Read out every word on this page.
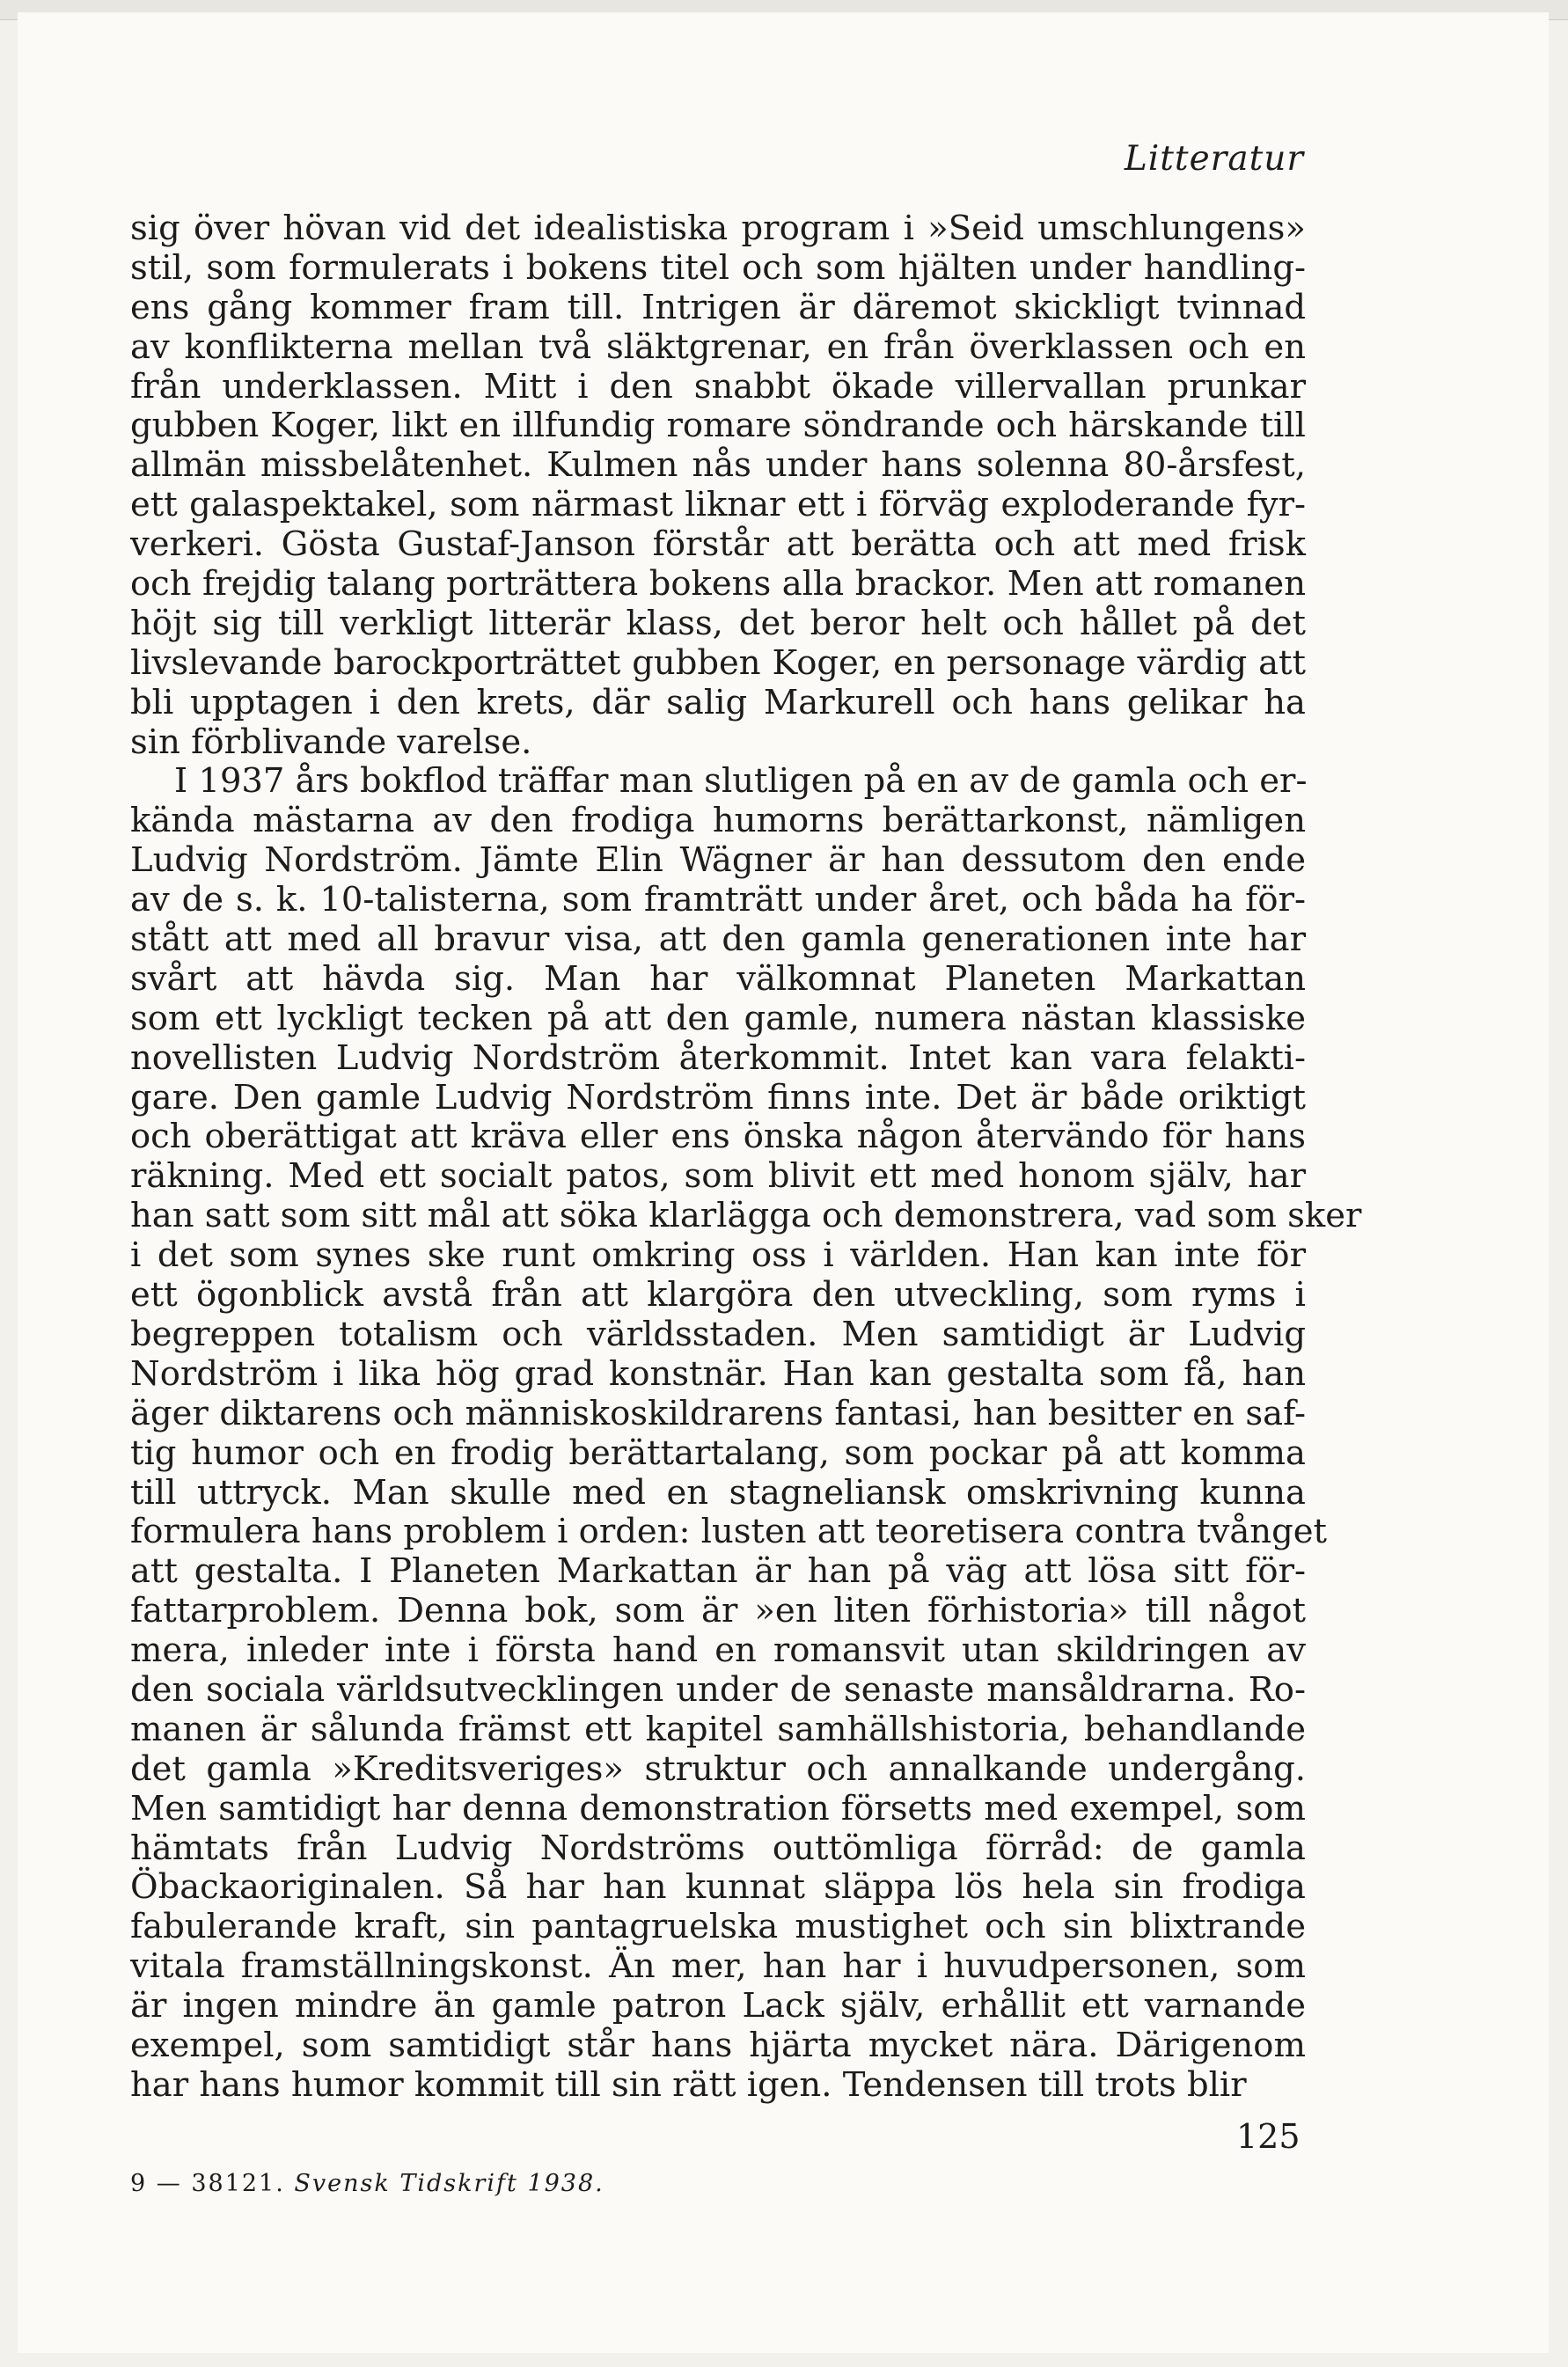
Litteratur
sig över hövan vid det idealistiska program i »Seid umschlungens»
stil, som formulerats i bokens titel och som hjälten under handling-
ens gång kommer fram till. Intrigen är däremot skickligt tvinnad
av konflikterna mellan två släktgrenar, en från överklassen och en
från underklassen. Mitt i den snabbt ökade villervallan prunkar
gubben Koger, likt en illfundig romare söndrande och härskande till
allmän missbelåtenhet. Kulmen nås under hans solenna 80-årsfest,
ett galaspektakel, som närmast liknar ett i förväg exploderande fyr-
verkeri. Gösta Gustaf-Janson förstår att berätta och att med frisk
och frejdig talang porträttera bokens alla brackor. Men att romanen
höjt sig till verkligt litterär klass, det beror helt och hållet på det
livslevande barockporträttet gubben Koger, en personage värdig att
bli upptagen i den krets, där salig Markurell och hans gelikar ha
sin förblivande varelse.
I 1937 års bokflod träffar man slutligen på en av de gamla och er-
kända mästarna av den frodiga humorns berättarkonst, nämligen
Ludvig Nordström. Jämte Elin Wägner är han dessutom den ende
av de s. k. 10-talisterna, som framträtt under året, och båda ha för-
stått att med all bravur visa, att den gamla generationen inte har
svårt att hävda sig. Man har välkomnat Planeten Markattan
som ett lyckligt tecken på att den gamle, numera nästan klassiske
novellisten Ludvig Nordström återkommit. Intet kan vara felakti-
gare. Den gamle Ludvig Nordström finns inte. Det är både oriktigt
och oberättigat att kräva eller ens önska någon återvändo för hans
räkning. Med ett socialt patos, som blivit ett med honom själv, har
han satt som sitt mål att söka klarlägga och demonstrera, vad som sker
i det som synes ske runt omkring oss i världen. Han kan inte för
ett ögonblick avstå från att klargöra den utveckling, som ryms i
begreppen totalism och världsstaden. Men samtidigt är Ludvig
Nordström i lika hög grad konstnär. Han kan gestalta som få, han
äger diktarens och människoskildrarens fantasi, han besitter en saf-
tig humor och en frodig berättartalang, som pockar på att komma
till uttryck. Man skulle med en stagneliansk omskrivning kunna
formulera hans problem i orden: lusten att teoretisera contra tvånget
att gestalta. I Planeten Markattan är han på väg att lösa sitt för-
fattarproblem. Denna bok, som är »en liten förhistoria» till något
mera, inleder inte i första hand en romansvit utan skildringen av
den sociala världsutvecklingen under de senaste mansåldrarna. Ro-
manen är sålunda främst ett kapitel samhällshistoria, behandlande
det gamla »Kreditsveriges» struktur och annalkande undergång.
Men samtidigt har denna demonstration försetts med exempel, som
hämtats från Ludvig Nordströms outtömliga förråd: de gamla
Öbackaoriginalen. Så har han kunnat släppa lös hela sin frodiga
fabulerande kraft, sin pantagruelska mustighet och sin blixtrande
vitala framställningskonst. Än mer, han har i huvudpersonen, som
är ingen mindre än gamle patron Lack själv, erhållit ett varnande
exempel, som samtidigt står hans hjärta mycket nära. Därigenom
har hans humor kommit till sin rätt igen. Tendensen till trots blir
125
9 — 38121. Svensk Tidskrift 1938.
